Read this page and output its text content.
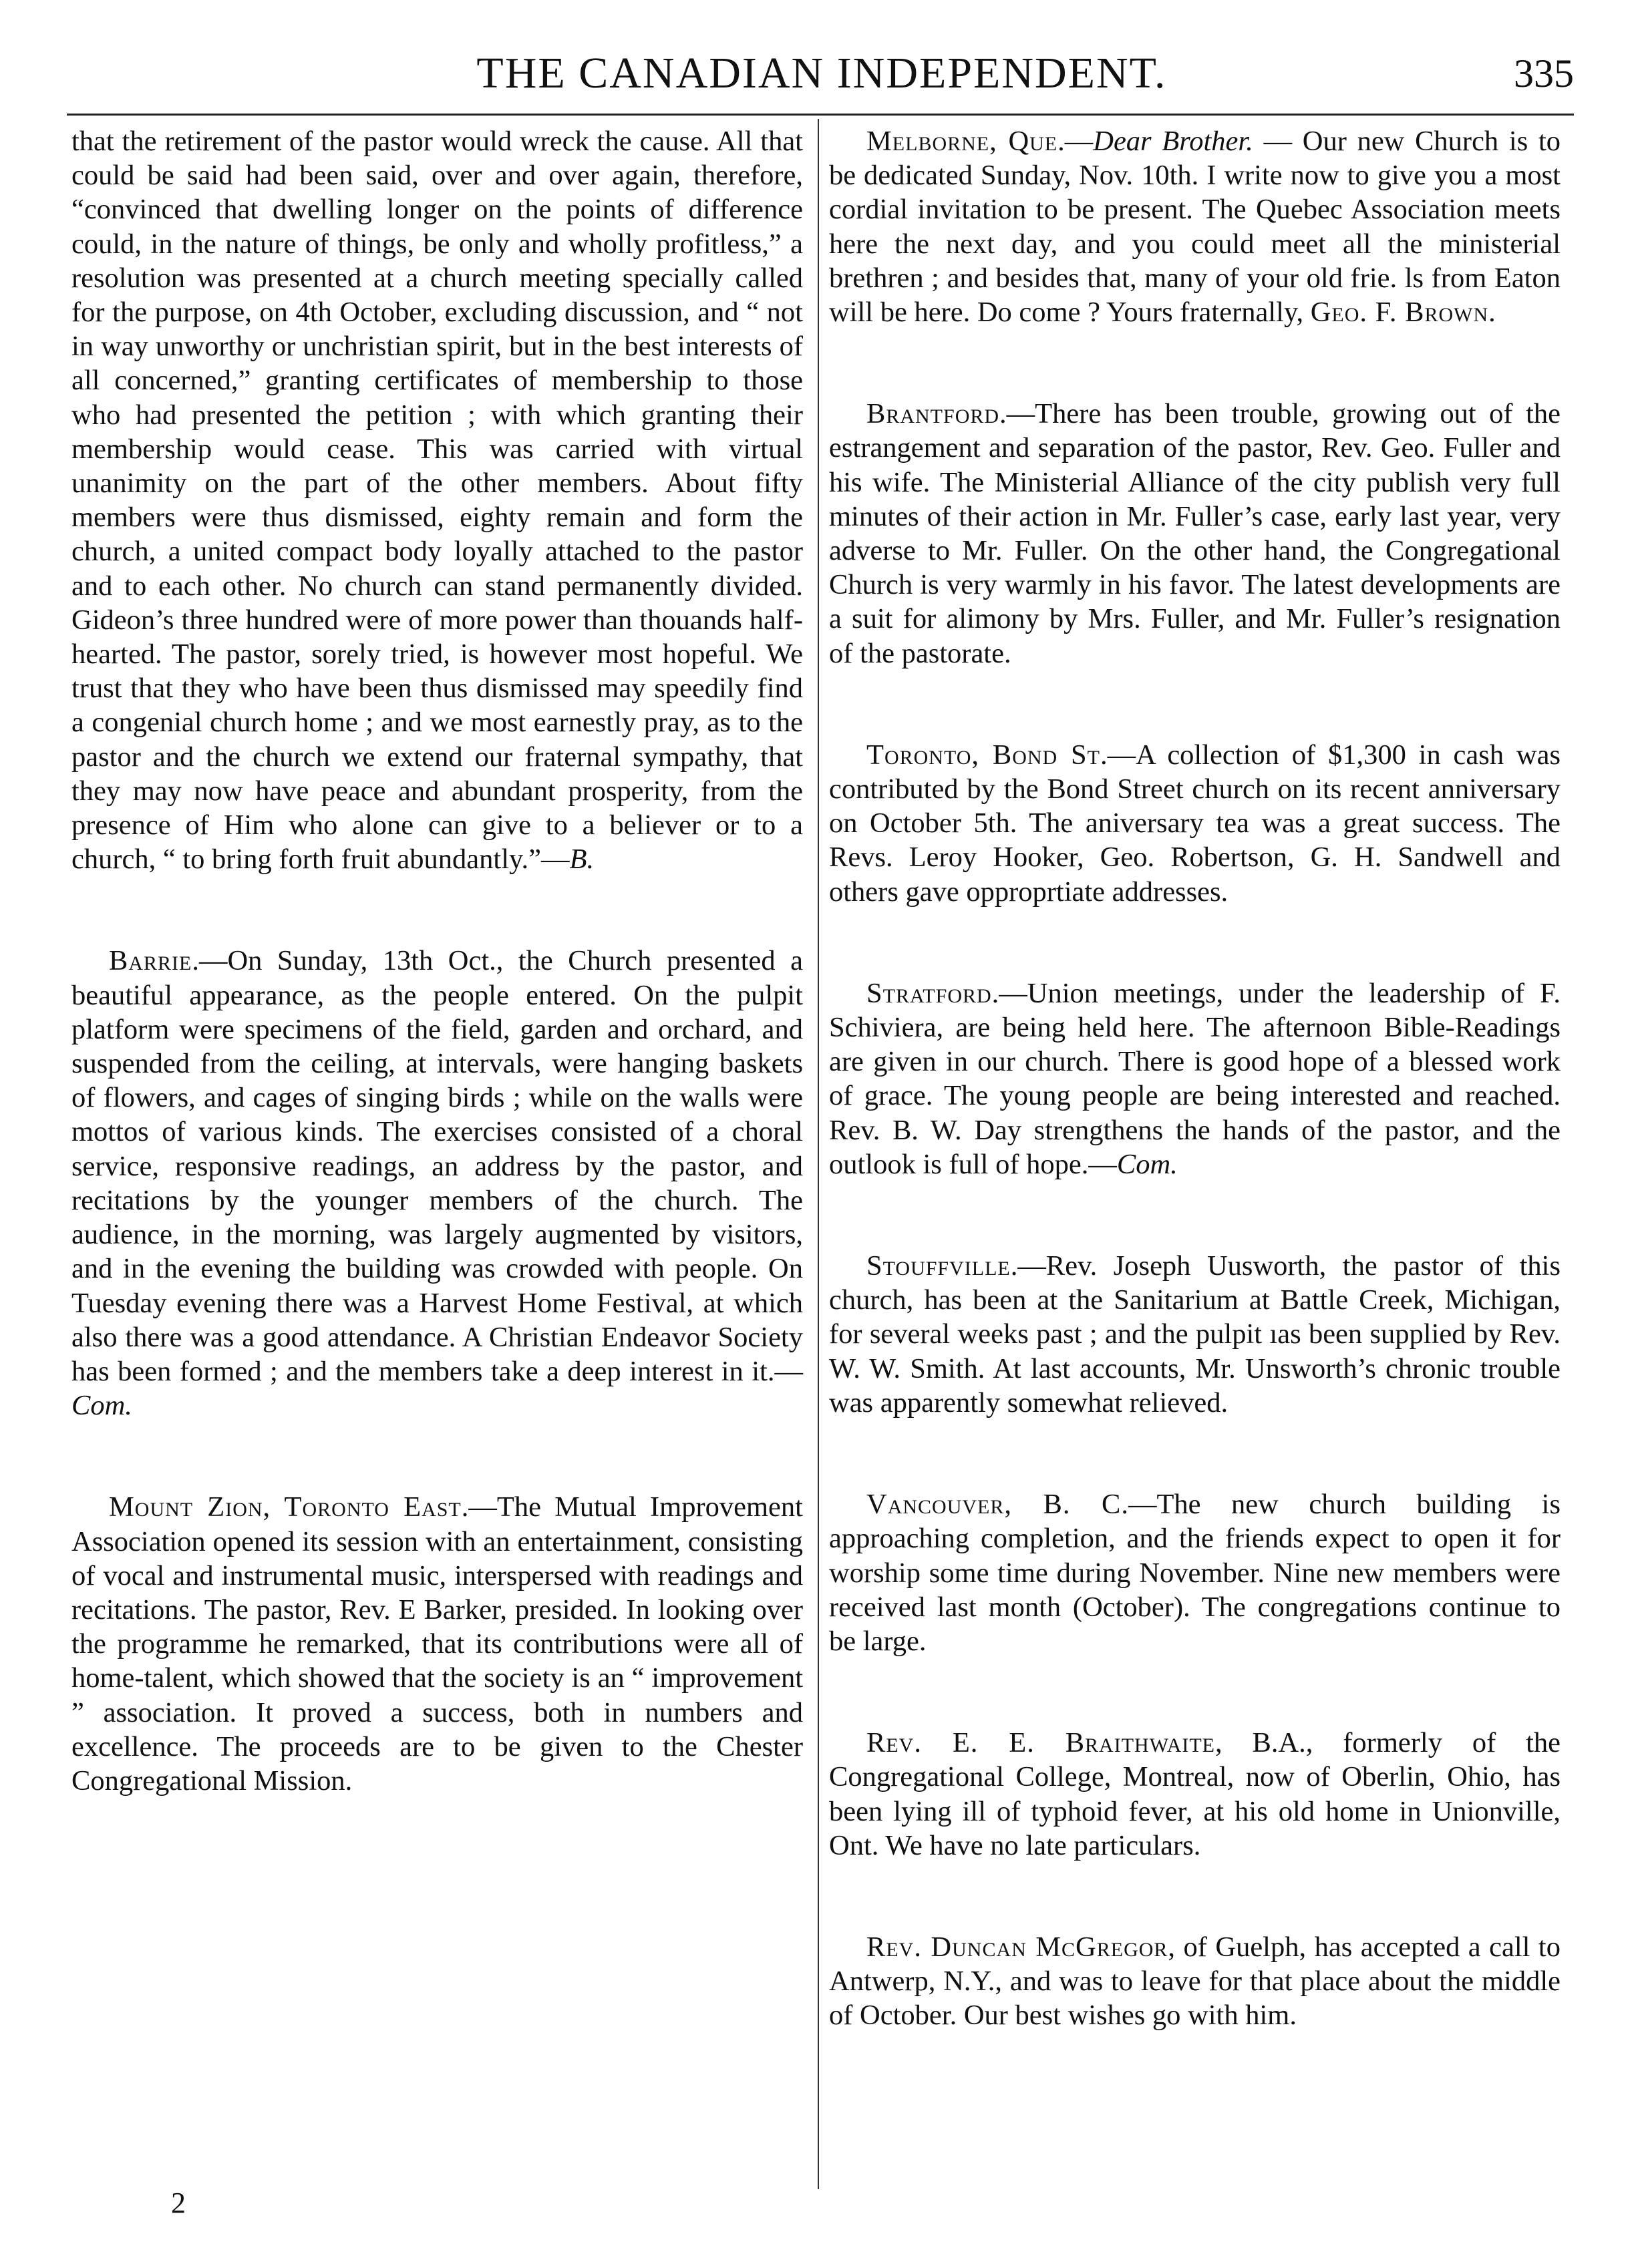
THE CANADIAN INDEPENDENT.	335

that the retirement of the pastor would wreck the cause. All that could be said had been said, over and over again, therefore, “convinced that dwelling longer on the points of difference could, in the nature of things, be only and wholly profitless,” a resolution was presented at a church meeting specially called for the purpose, on 4th October, excluding discussion, and “ not in way unworthy or unchristian spirit, but in the best interests of all concerned,” granting certificates of membership to those who had presented the petition ; with which granting their membership would cease. This was carried with virtual unanimity on the part of the other members. About fifty members were thus dismissed, eighty remain and form the church, a united compact body loyally attached to the pastor and to each other. No church can stand permanently divided. Gideon’s three hundred were of more power than thouands half-hearted. The pastor, sorely tried, is however most hopeful. We trust that they who have been thus dismissed may speedily find a congenial church home ; and we most earnestly pray, as to the pastor and the church we extend our fraternal sympathy, that they may now have peace and abundant prosperity, from the presence of Him who alone can give to a believer or to a church, “ to bring forth fruit abundantly.”—B.

Barrie.—On Sunday, 13th Oct., the Church presented a beautiful appearance, as the people entered. On the pulpit platform were specimens of the field, garden and orchard, and suspended from the ceiling, at intervals, were hanging baskets of flowers, and cages of singing birds ; while on the walls were mottos of various kinds. The exercises consisted of a choral service, responsive readings, an address by the pastor, and recitations by the younger members of the church. The audience, in the morning, was largely augmented by visitors, and in the evening the building was crowded with people. On Tuesday evening there was a Harvest Home Festival, at which also there was a good attendance. A Christian Endeavor Society has been formed ; and the members take a deep interest in it.—Com.

Mount Zion, Toronto East.—The Mutual Improvement Association opened its session with an entertainment, consisting of vocal and instrumental music, interspersed with readings and recitations. The pastor, Rev. E Barker, presided. In looking over the programme he remarked, that its contributions were all of home-talent, which showed that the society is an “ improvement ” association. It proved a success, both in numbers and excellence. The proceeds are to be given to the Chester Congregational Mission.

2

Melborne, Que.—Dear Brother. — Our new Church is to be dedicated Sunday, Nov. 10th. I write now to give you a most cordial invitation to be present. The Quebec Association meets here the next day, and you could meet all the ministerial brethren ; and besides that, many of your old frie. ls from Eaton will be here. Do come ? Yours fraternally, Geo. F. Brown.

Brantford.—There has been trouble, growing out of the estrangement and separation of the pastor, Rev. Geo. Fuller and his wife. The Ministerial Alliance of the city publish very full minutes of their action in Mr. Fuller’s case, early last year, very adverse to Mr. Fuller. On the other hand, the Congregational Church is very warmly in his favor. The latest developments are a suit for alimony by Mrs. Fuller, and Mr. Fuller’s resignation of the pastorate.

Toronto, Bond St.—A collection of $1,300 in cash was contributed by the Bond Street church on its recent anniversary on October 5th. The aniversary tea was a great success. The Revs. Leroy Hooker, Geo. Robertson, G. H. Sandwell and others gave opproprtiate addresses.

Stratford.—Union meetings, under the leadership of F. Schiviera, are being held here. The afternoon Bible-Readings are given in our church. There is good hope of a blessed work of grace. The young people are being interested and reached. Rev. B. W. Day strengthens the hands of the pastor, and the outlook is full of hope.—Com.

Stouffville.—Rev. Joseph Uusworth, the pastor of this church, has been at the Sanitarium at Battle Creek, Michigan, for several weeks past ; and the pulpit ıas been supplied by Rev. W. W. Smith. At last accounts, Mr. Unsworth’s chronic trouble was apparently somewhat relieved.

Vancouver, B. C.—The new church building is approaching completion, and the friends expect to open it for worship some time during November. Nine new members were received last month (October). The congregations continue to be large.

Rev. E. E. Braithwaite, B.A., formerly of the Congregational College, Montreal, now of Oberlin, Ohio, has been lying ill of typhoid fever, at his old home in Unionville, Ont. We have no late particulars.

Rev. Duncan McGregor, of Guelph, has accepted a call to Antwerp, N.Y., and was to leave for that place about the middle of October. Our best wishes go with him.
